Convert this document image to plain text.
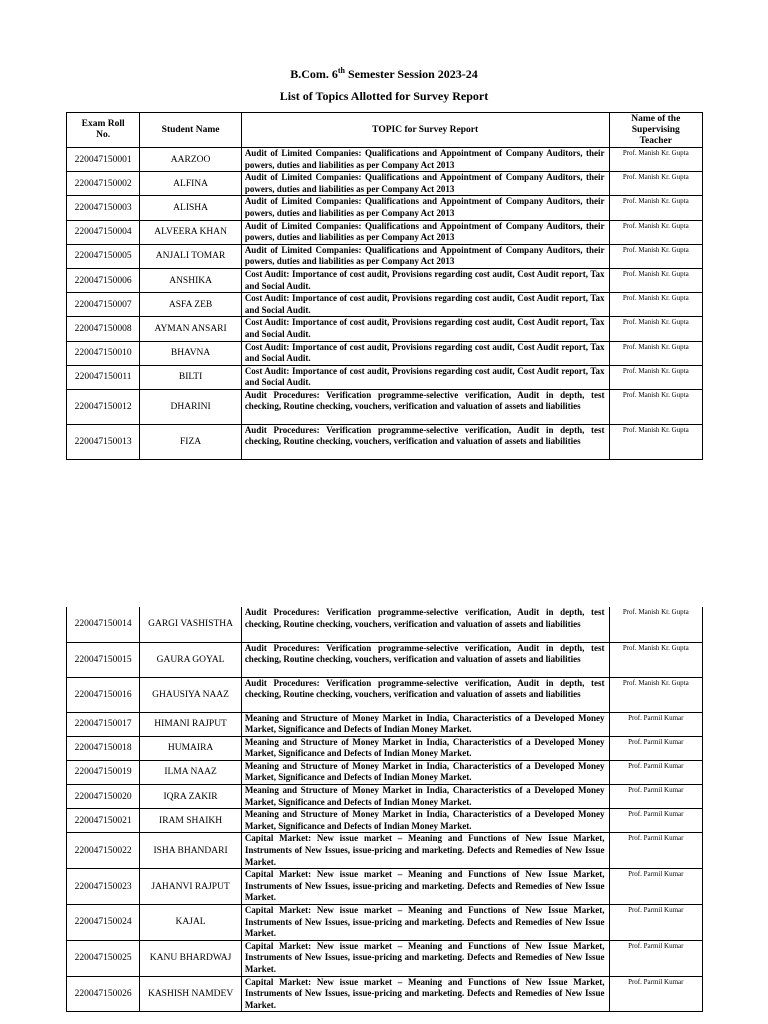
B.Com. 6th Semester Session 2023-24
List of Topics Allotted for Survey Report
Exam Roll No.	Student Name	TOPIC for Survey Report	Name of the Supervising Teacher
220047150001	AARZOO	Audit of Limited Companies: Qualifications and Appointment of Company Auditors, their powers, duties and liabilities as per Company Act 2013	Prof. Manish Kr. Gupta
220047150002	ALFINA	Audit of Limited Companies: Qualifications and Appointment of Company Auditors, their powers, duties and liabilities as per Company Act 2013	Prof. Manish Kr. Gupta
220047150003	ALISHA	Audit of Limited Companies: Qualifications and Appointment of Company Auditors, their powers, duties and liabilities as per Company Act 2013	Prof. Manish Kr. Gupta
220047150004	ALVEERA KHAN	Audit of Limited Companies: Qualifications and Appointment of Company Auditors, their powers, duties and liabilities as per Company Act 2013	Prof. Manish Kr. Gupta
220047150005	ANJALI TOMAR	Audit of Limited Companies: Qualifications and Appointment of Company Auditors, their powers, duties and liabilities as per Company Act 2013	Prof. Manish Kr. Gupta
220047150006	ANSHIKA	Cost Audit: Importance of cost audit, Provisions regarding cost audit, Cost Audit report, Tax and Social Audit.	Prof. Manish Kr. Gupta
220047150007	ASFA ZEB	Cost Audit: Importance of cost audit, Provisions regarding cost audit, Cost Audit report, Tax and Social Audit.	Prof. Manish Kr. Gupta
220047150008	AYMAN ANSARI	Cost Audit: Importance of cost audit, Provisions regarding cost audit, Cost Audit report, Tax and Social Audit.	Prof. Manish Kr. Gupta
220047150010	BHAVNA	Cost Audit: Importance of cost audit, Provisions regarding cost audit, Cost Audit report, Tax and Social Audit.	Prof. Manish Kr. Gupta
220047150011	BILTI	Cost Audit: Importance of cost audit, Provisions regarding cost audit, Cost Audit report, Tax and Social Audit.	Prof. Manish Kr. Gupta
220047150012	DHARINI	Audit Procedures: Verification programme-selective verification, Audit in depth, test checking, Routine checking, vouchers, verification and valuation of assets and liabilities	Prof. Manish Kr. Gupta
220047150013	FIZA	Audit Procedures: Verification programme-selective verification, Audit in depth, test checking, Routine checking, vouchers, verification and valuation of assets and liabilities	Prof. Manish Kr. Gupta
220047150014	GARGI VASHISTHA	Audit Procedures: Verification programme-selective verification, Audit in depth, test checking, Routine checking, vouchers, verification and valuation of assets and liabilities	Prof. Manish Kr. Gupta
220047150015	GAURA GOYAL	Audit Procedures: Verification programme-selective verification, Audit in depth, test checking, Routine checking, vouchers, verification and valuation of assets and liabilities	Prof. Manish Kr. Gupta
220047150016	GHAUSIYA NAAZ	Audit Procedures: Verification programme-selective verification, Audit in depth, test checking, Routine checking, vouchers, verification and valuation of assets and liabilities	Prof. Manish Kr. Gupta
220047150017	HIMANI RAJPUT	Meaning and Structure of Money Market in India, Characteristics of a Developed Money Market, Significance and Defects of Indian Money Market.	Prof. Parmil Kumar
220047150018	HUMAIRA	Meaning and Structure of Money Market in India, Characteristics of a Developed Money Market, Significance and Defects of Indian Money Market.	Prof. Parmil Kumar
220047150019	ILMA NAAZ	Meaning and Structure of Money Market in India, Characteristics of a Developed Money Market, Significance and Defects of Indian Money Market.	Prof. Parmil Kumar
220047150020	IQRA ZAKIR	Meaning and Structure of Money Market in India, Characteristics of a Developed Money Market, Significance and Defects of Indian Money Market.	Prof. Parmil Kumar
220047150021	IRAM SHAIKH	Meaning and Structure of Money Market in India, Characteristics of a Developed Money Market, Significance and Defects of Indian Money Market.	Prof. Parmil Kumar
220047150022	ISHA BHANDARI	Capital Market: New issue market – Meaning and Functions of New Issue Market, Instruments of New Issues, issue-pricing and marketing. Defects and Remedies of New Issue Market.	Prof. Parmil Kumar
220047150023	JAHANVI RAJPUT	Capital Market: New issue market – Meaning and Functions of New Issue Market, Instruments of New Issues, issue-pricing and marketing. Defects and Remedies of New Issue Market.	Prof. Parmil Kumar
220047150024	KAJAL	Capital Market: New issue market – Meaning and Functions of New Issue Market, Instruments of New Issues, issue-pricing and marketing. Defects and Remedies of New Issue Market.	Prof. Parmil Kumar
220047150025	KANU BHARDWAJ	Capital Market: New issue market – Meaning and Functions of New Issue Market, Instruments of New Issues, issue-pricing and marketing. Defects and Remedies of New Issue Market.	Prof. Parmil Kumar
220047150026	KASHISH NAMDEV	Capital Market: New issue market – Meaning and Functions of New Issue Market, Instruments of New Issues, issue-pricing and marketing. Defects and Remedies of New Issue Market.	Prof. Parmil Kumar
